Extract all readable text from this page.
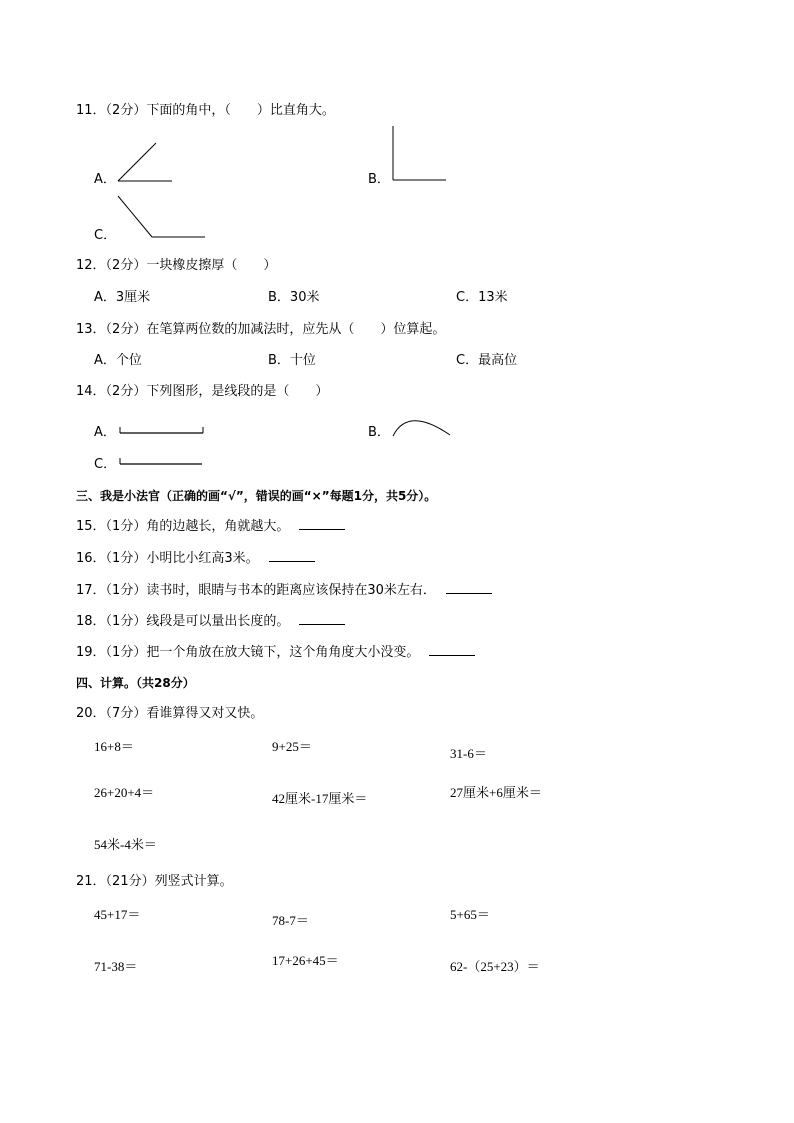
11．（2分）下面的角中，（　　）比直角大。
A．	B．
C．
12．（2分）一块橡皮擦厚（　　）
A．3厘米	B．30米	C．13米
13．（2分）在笔算两位数的加减法时，应先从（　　）位算起。
A．个位	B．十位	C．最高位
14．（2分）下列图形，是线段的是（　　）
A．	B．
C．
三、我是小法官（正确的画“√”，错误的画“×”每题1分，共5分）。
15．（1分）角的边越长，角就越大。
16．（1分）小明比小红高3米。
17．（1分）读书时，眼睛与书本的距离应该保持在30米左右．
18．（1分）线段是可以量出长度的。
19．（1分）把一个角放在放大镜下，这个角角度大小没变。
四、计算。（共28分）
20．（7分）看谁算得又对又快。
16+8＝	9+25＝	31-6＝
26+20+4＝	42厘米-17厘米＝	27厘米+6厘米＝
54米-4米＝
21．（21分）列竖式计算。
45+17＝	78-7＝	5+65＝
71-38＝	17+26+45＝	62-（25+23）＝
